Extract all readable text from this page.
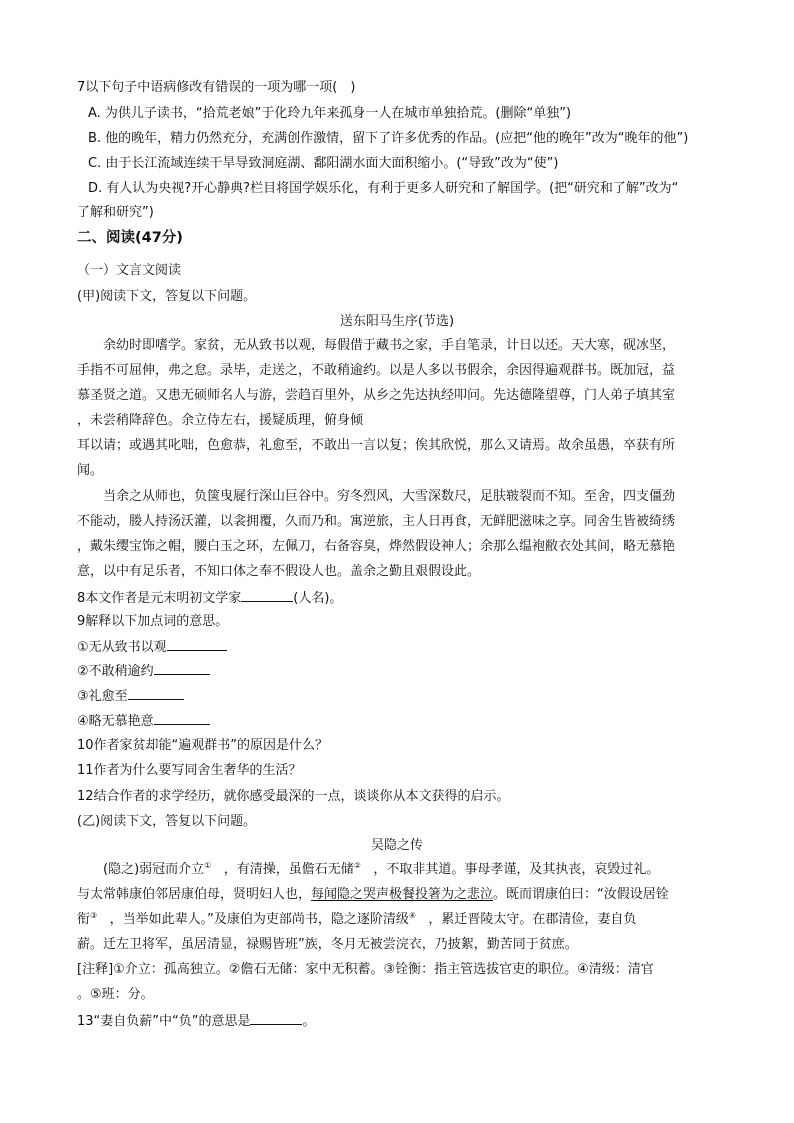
7以下句子中语病修改有错误的一项为哪一项(　)
A. 为供儿子读书，“拾荒老娘”于化玲九年来孤身一人在城市单独拾荒。(删除“单独”)
B. 他的晚年，精力仍然充分，充满创作激情，留下了许多优秀的作品。(应把“他的晚年”改为“晚年的他”)
C. 由于长江流域连续干旱导致洞庭湖、鄱阳湖水面大面积缩小。(“导致”改为“使”)
D. 有人认为央视?开心静典?栏目将国学娱乐化，有利于更多人研究和了解国学。(把“研究和了解”改为“
了解和研究”)
二、阅读(47分)
（一）文言文阅读
(甲)阅读下文，答复以下问题。
送东阳马生序(节选)
余幼时即嗜学。家贫，无从致书以观，每假借于藏书之家，手自笔录，计日以还。天大寒，砚冰坚，
手指不可屈伸，弗之怠。录毕，走送之，不敢稍逾约。以是人多以书假余，余因得遍观群书。既加冠，益
慕圣贤之道。又患无硕师名人与游，尝趋百里外，从乡之先达执经叩问。先达德隆望尊，门人弟子填其室
，未尝稍降辞色。余立侍左右，援疑质理，俯身倾
耳以请；或遇其叱咄，色愈恭，礼愈至，不敢出一言以复；俟其欣悦，那么又请焉。故余虽愚，卒获有所
闻。
当余之从师也，负箧曳屣行深山巨谷中。穷冬烈风，大雪深数尺，足肤皲裂而不知。至舍，四支僵劲
不能动，媵人持汤沃灌，以衾拥覆，久而乃和。寓逆旅，主人日再食，无鲜肥滋味之享。同舍生皆被绮绣
，戴朱缨宝饰之帽，腰白玉之环，左佩刀，右备容臭，烨然假设神人；余那么缊袍敝衣处其间，略无慕艳
意，以中有足乐者，不知口体之奉不假设人也。盖余之勤且艰假设此。
8本文作者是元末明初文学家	(人名)。
9解释以下加点词的意思。
①无从致书以观
②不敢稍逾约
③礼愈至
④略无慕艳意
10作者家贫却能“遍观群书”的原因是什么？
11作者为什么要写同舍生奢华的生活？
12结合作者的求学经历，就你感受最深的一点，谈谈你从本文获得的启示。
(乙)阅读下文，答复以下问题。
吴隐之传
(隐之)弱冠而介立① ，有清操，虽儋石无储② ，不取非其道。事母孝谨，及其执丧，哀毁过礼。
与太常韩康伯邻居康伯母，贤明妇人也，每闻隐之哭声极餐投箸为之悲泣。既而谓康伯曰：“汝假设居铨
衔③ ，当举如此辈人。”及康伯为吏部尚书，隐之逐阶清级④ ，累迁晋陵太守。在郡清俭，妻自负
薪。迁左卫将军，虽居清显，禄赐皆班”族，冬月无被尝浣衣，乃披絮，勤苦同于贫庶。
[注释]①介立：孤高独立。②儋石无储：家中无积蓄。③铨衡：指主管选拔官吏的职位。④清级：清官
。⑤班：分。
13“妻自负薪”中“负”的意思是	。
